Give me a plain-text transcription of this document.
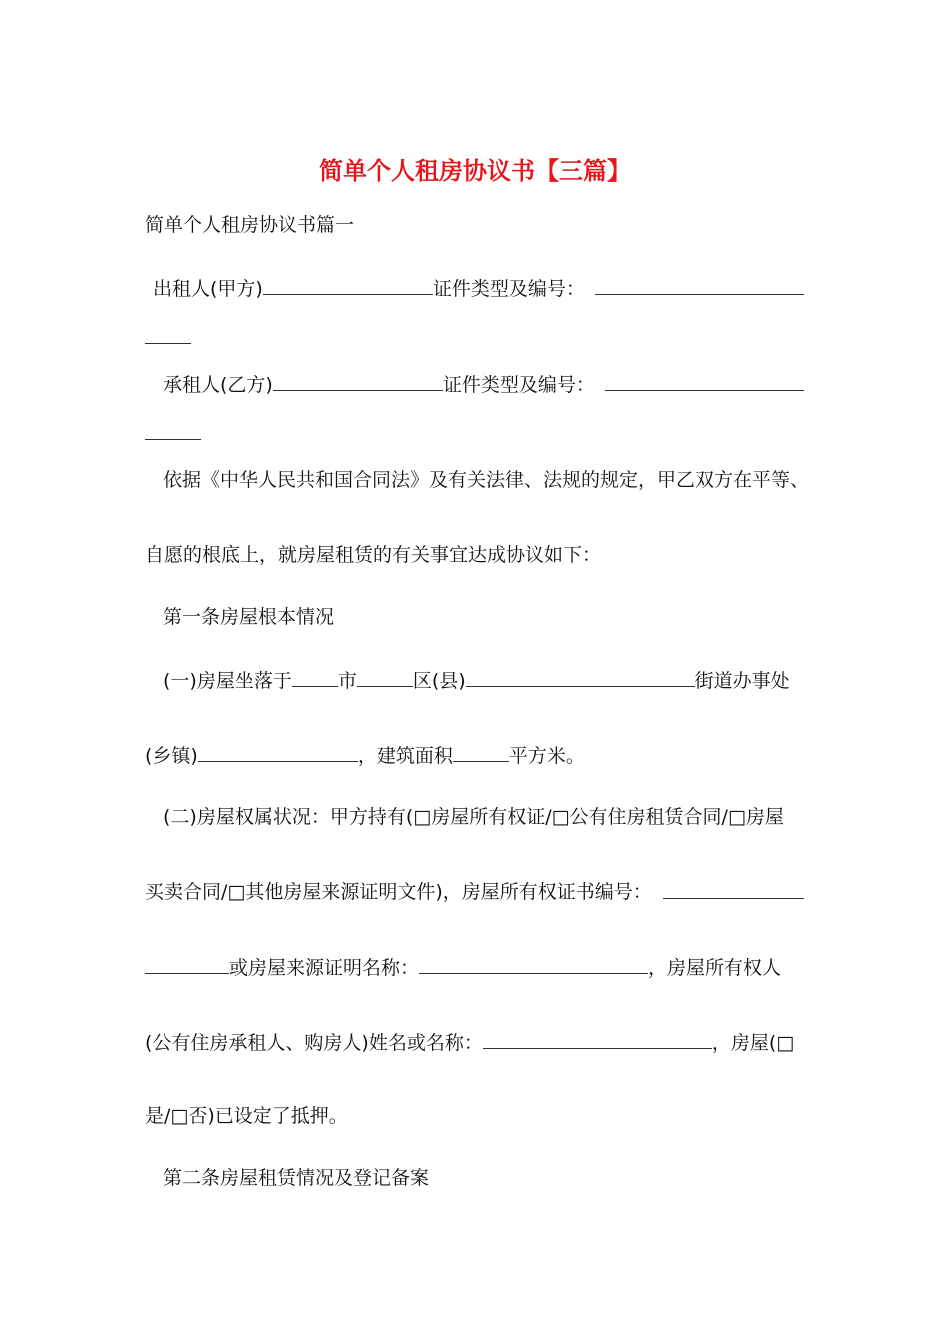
简单个人租房协议书【三篇】
简单个人租房协议书篇一
出租人(甲方)	证件类型及编号：
承租人(乙方)	证件类型及编号：
依据《中华人民共和国合同法》及有关法律、法规的规定，甲乙双方在平等、
自愿的根底上，就房屋租赁的有关事宜达成协议如下：
第一条房屋根本情况
(一)房屋坐落于 市	区(县)	街道办事处
(乡镇)	，建筑面积	平方米。
(二)房屋权属状况：甲方持有(□房屋所有权证/□公有住房租赁合同/□房屋
买卖合同/□其他房屋来源证明文件)，房屋所有权证书编号：
或房屋来源证明名称：	，房屋所有权人
(公有住房承租人、购房人)姓名或名称：	，房屋(□
是/□否)已设定了抵押。
第二条房屋租赁情况及登记备案
